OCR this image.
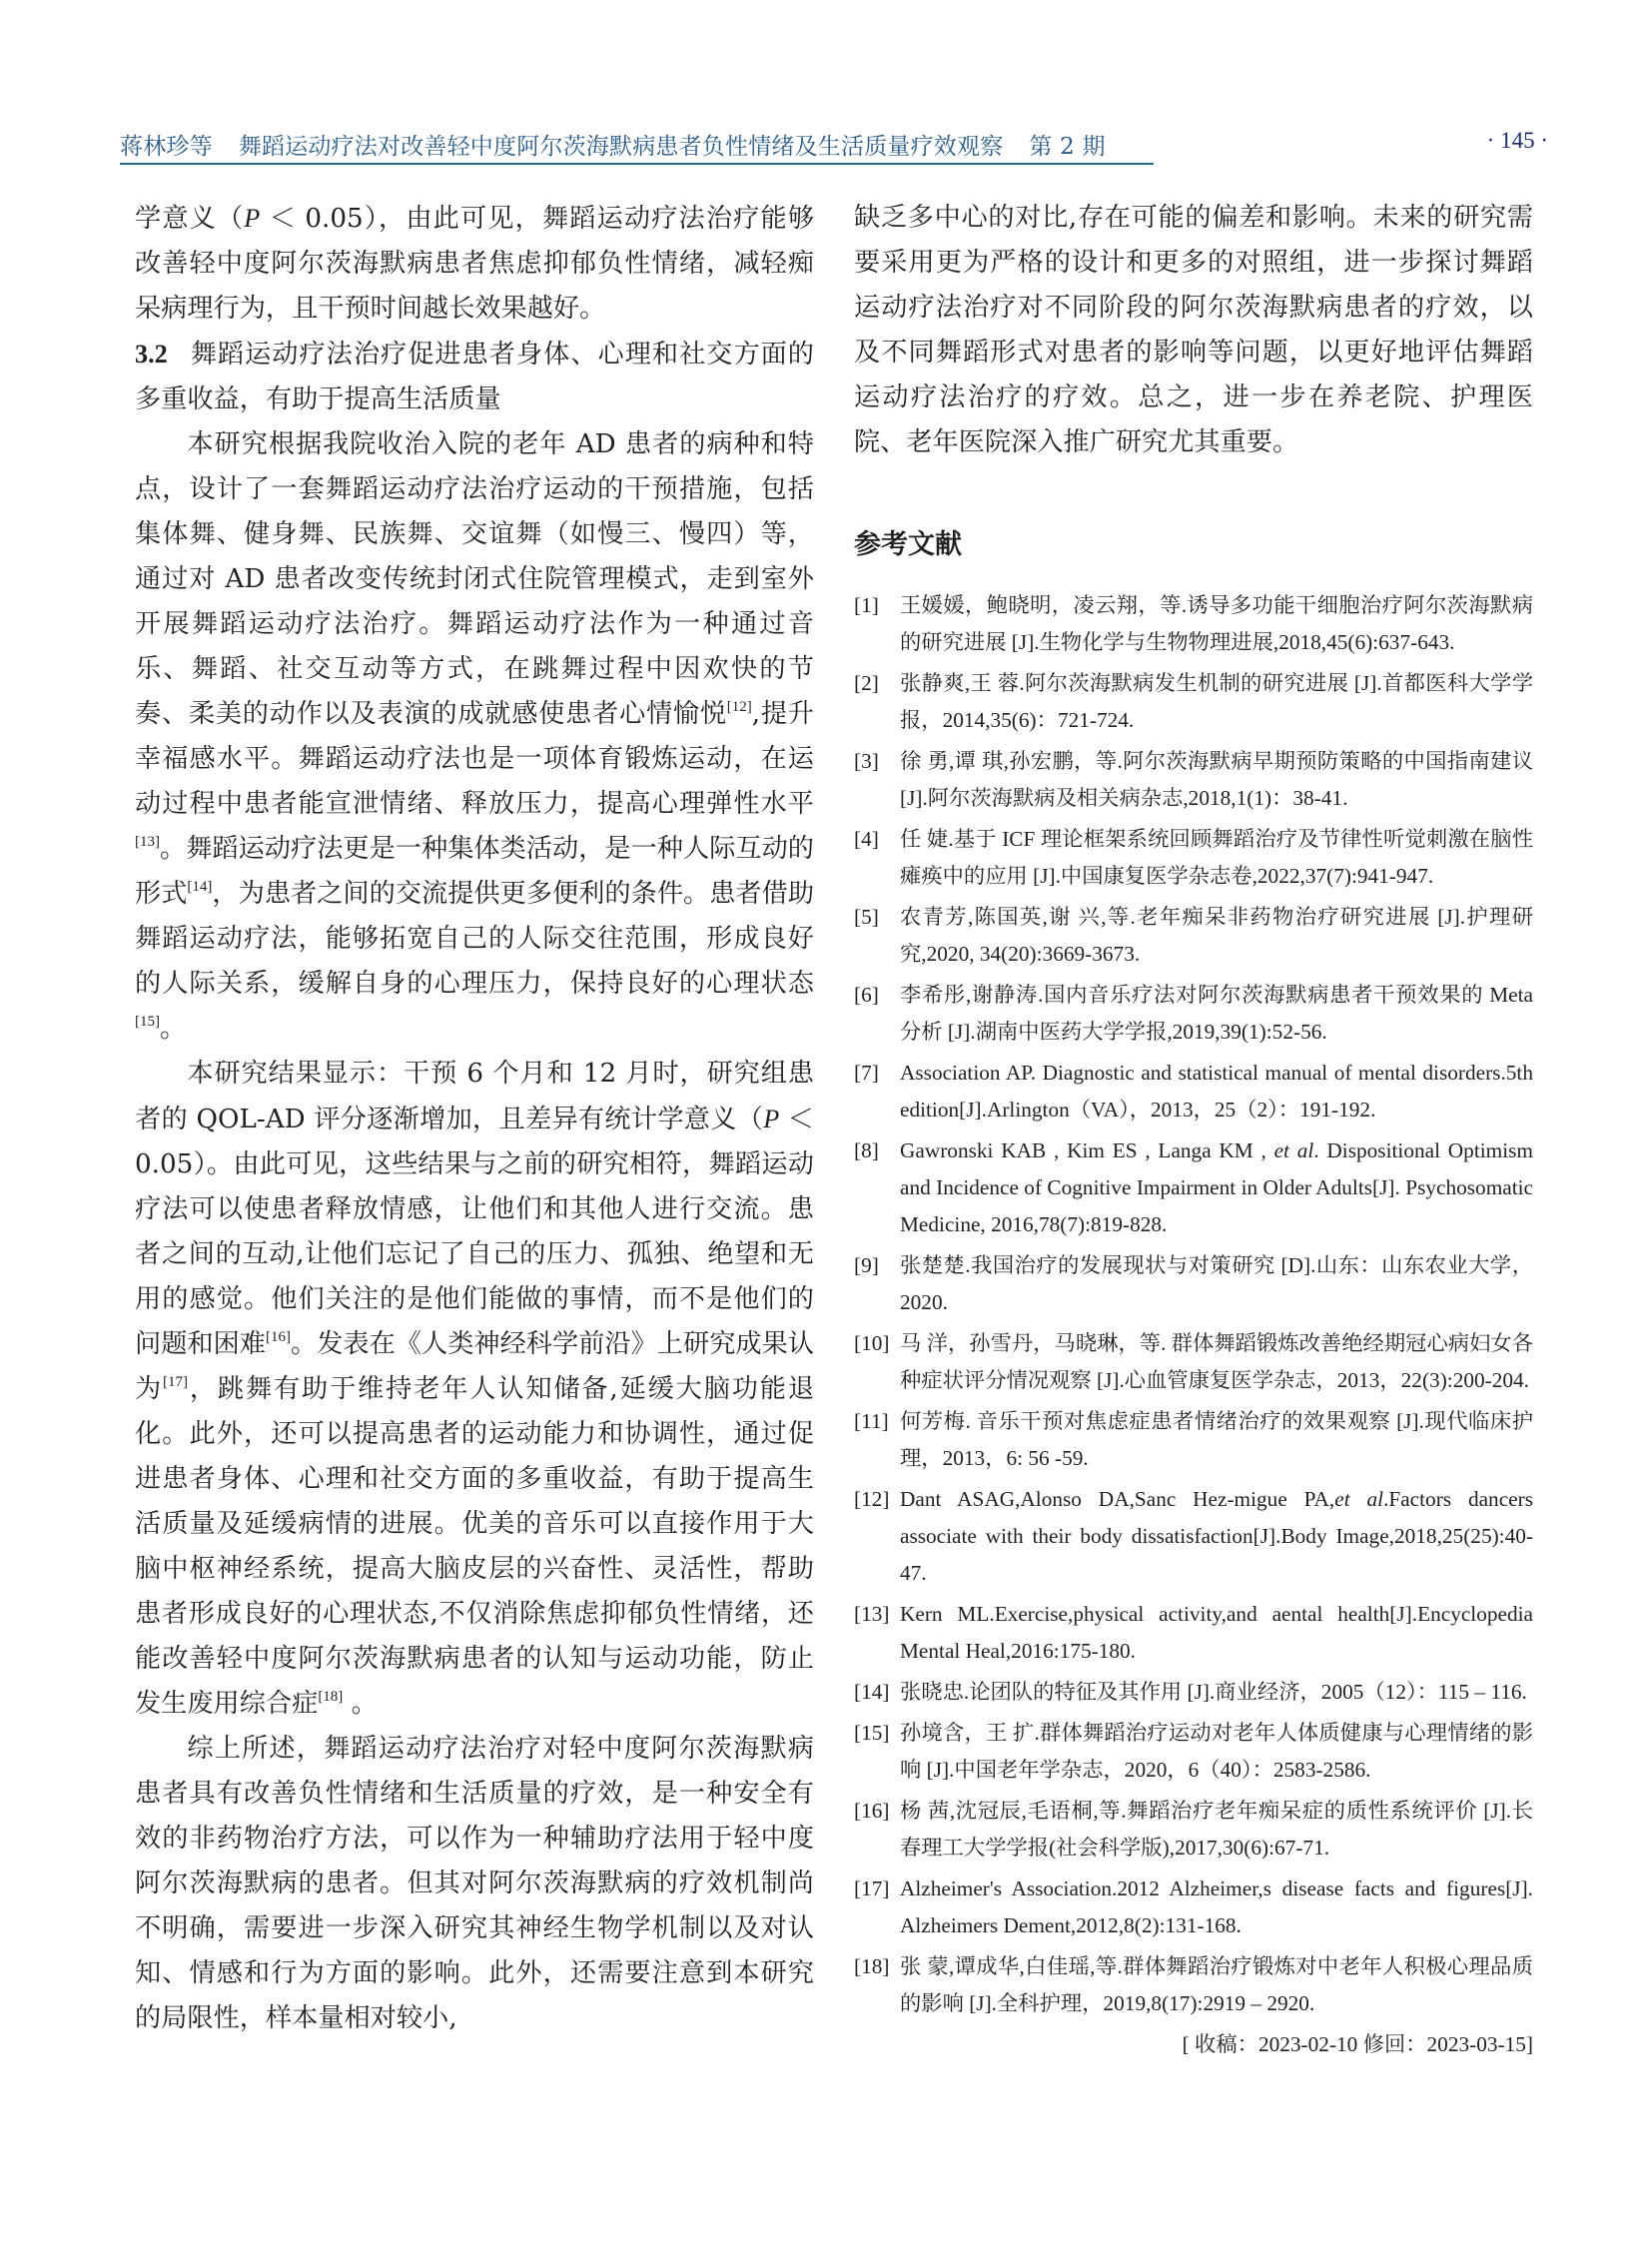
蒋林珍等 舞蹈运动疗法对改善轻中度阿尔茨海默病患者负性情绪及生活质量疗效观察 第 2 期	· 145 ·

学意义（P ＜ 0.05），由此可见，舞蹈运动疗法治疗能够改善轻中度阿尔茨海默病患者焦虑抑郁负性情绪，减轻痴呆病理行为，且干预时间越长效果越好。

3.2 舞蹈运动疗法治疗促进患者身体、心理和社交方面的多重收益，有助于提高生活质量

本研究根据我院收治入院的老年 AD 患者的病种和特点，设计了一套舞蹈运动疗法治疗运动的干预措施，包括集体舞、健身舞、民族舞、交谊舞（如慢三、慢四）等，通过对 AD 患者改变传统封闭式住院管理模式，走到室外开展舞蹈运动疗法治疗。舞蹈运动疗法作为一种通过音乐、舞蹈、社交互动等方式，在跳舞过程中因欢快的节奏、柔美的动作以及表演的成就感使患者心情愉悦[12],提升幸福感水平。舞蹈运动疗法也是一项体育锻炼运动，在运动过程中患者能宣泄情绪、释放压力，提高心理弹性水平[13]。舞蹈运动疗法更是一种集体类活动，是一种人际互动的形式[14]，为患者之间的交流提供更多便利的条件。患者借助舞蹈运动疗法，能够拓宽自己的人际交往范围，形成良好的人际关系，缓解自身的心理压力，保持良好的心理状态[15]。

本研究结果显示：干预 6 个月和 12 月时，研究组患者的 QOL-AD 评分逐渐增加，且差异有统计学意义（P ＜ 0.05）。由此可见，这些结果与之前的研究相符，舞蹈运动疗法可以使患者释放情感，让他们和其他人进行交流。患者之间的互动,让他们忘记了自己的压力、孤独、绝望和无用的感觉。他们关注的是他们能做的事情，而不是他们的问题和困难[16]。发表在《人类神经科学前沿》上研究成果认为[17]，跳舞有助于维持老年人认知储备,延缓大脑功能退化。此外，还可以提高患者的运动能力和协调性，通过促进患者身体、心理和社交方面的多重收益，有助于提高生活质量及延缓病情的进展。优美的音乐可以直接作用于大脑中枢神经系统，提高大脑皮层的兴奋性、灵活性，帮助患者形成良好的心理状态,不仅消除焦虑抑郁负性情绪，还能改善轻中度阿尔茨海默病患者的认知与运动功能，防止发生废用综合症[18] 。

综上所述，舞蹈运动疗法治疗对轻中度阿尔茨海默病患者具有改善负性情绪和生活质量的疗效，是一种安全有效的非药物治疗方法，可以作为一种辅助疗法用于轻中度阿尔茨海默病的患者。但其对阿尔茨海默病的疗效机制尚不明确，需要进一步深入研究其神经生物学机制以及对认知、情感和行为方面的影响。此外，还需要注意到本研究的局限性，样本量相对较小,

缺乏多中心的对比,存在可能的偏差和影响。未来的研究需要采用更为严格的设计和更多的对照组，进一步探讨舞蹈运动疗法治疗对不同阶段的阿尔茨海默病患者的疗效，以及不同舞蹈形式对患者的影响等问题，以更好地评估舞蹈运动疗法治疗的疗效。总之，进一步在养老院、护理医院、老年医院深入推广研究尤其重要。

参考文献
[1] 王媛媛，鲍晓明，凌云翔，等.诱导多功能干细胞治疗阿尔茨海默病的研究进展 [J].生物化学与生物物理进展,2018,45(6):637-643.
[2] 张静爽,王 蓉.阿尔茨海默病发生机制的研究进展 [J].首都医科大学学报，2014,35(6)：721-724.
[3] 徐 勇,谭 琪,孙宏鹏，等.阿尔茨海默病早期预防策略的中国指南建议 [J].阿尔茨海默病及相关病杂志,2018,1(1)：38-41.
[4] 任 婕.基于 ICF 理论框架系统回顾舞蹈治疗及节律性听觉刺激在脑性瘫痪中的应用 [J].中国康复医学杂志卷,2022,37(7):941-947.
[5] 农青芳,陈国英,谢 兴,等.老年痴呆非药物治疗研究进展 [J].护理研究,2020, 34(20):3669-3673.
[6] 李希彤,谢静涛.国内音乐疗法对阿尔茨海默病患者干预效果的 Meta 分析 [J].湖南中医药大学学报,2019,39(1):52-56.
[7] Association AP. Diagnostic and statistical manual of mental disorders.5th edition[J].Arlington（VA），2013，25（2）：191-192.
[8] Gawronski KAB , Kim ES , Langa KM , et al. Dispositional Optimism and Incidence of Cognitive Impairment in Older Adults[J]. Psychosomatic Medicine, 2016,78(7):819-828.
[9] 张楚楚.我国治疗的发展现状与对策研究 [D].山东：山东农业大学，2020.
[10] 马 洋，孙雪丹，马晓琳，等. 群体舞蹈锻炼改善绝经期冠心病妇女各种症状评分情况观察 [J].心血管康复医学杂志，2013，22(3):200-204.
[11] 何芳梅. 音乐干预对焦虑症患者情绪治疗的效果观察 [J].现代临床护理，2013，6: 56 -59.
[12] Dant ASAG,Alonso DA,Sanc Hez-migue PA,et al.Factors dancers associate with their body dissatisfaction[J].Body Image,2018,25(25):40-47.
[13] Kern ML.Exercise,physical activity,and aental health[J].Encyclopedia Mental Heal,2016:175-180.
[14] 张晓忠.论团队的特征及其作用 [J].商业经济，2005（12）：115 – 116.
[15] 孙境含，王 扩.群体舞蹈治疗运动对老年人体质健康与心理情绪的影响 [J].中国老年学杂志，2020，6（40）：2583-2586.
[16] 杨 茜,沈冠辰,毛语桐,等.舞蹈治疗老年痴呆症的质性系统评价 [J].长春理工大学学报(社会科学版),2017,30(6):67-71.
[17] Alzheimer's Association.2012 Alzheimer,s disease facts and figures[J]. Alzheimers Dement,2012,8(2):131-168.
[18] 张 蒙,谭成华,白佳瑶,等.群体舞蹈治疗锻炼对中老年人积极心理品质的影响 [J].全科护理，2019,8(17):2919 – 2920.
[ 收稿：2023-02-10 修回：2023-03-15]
